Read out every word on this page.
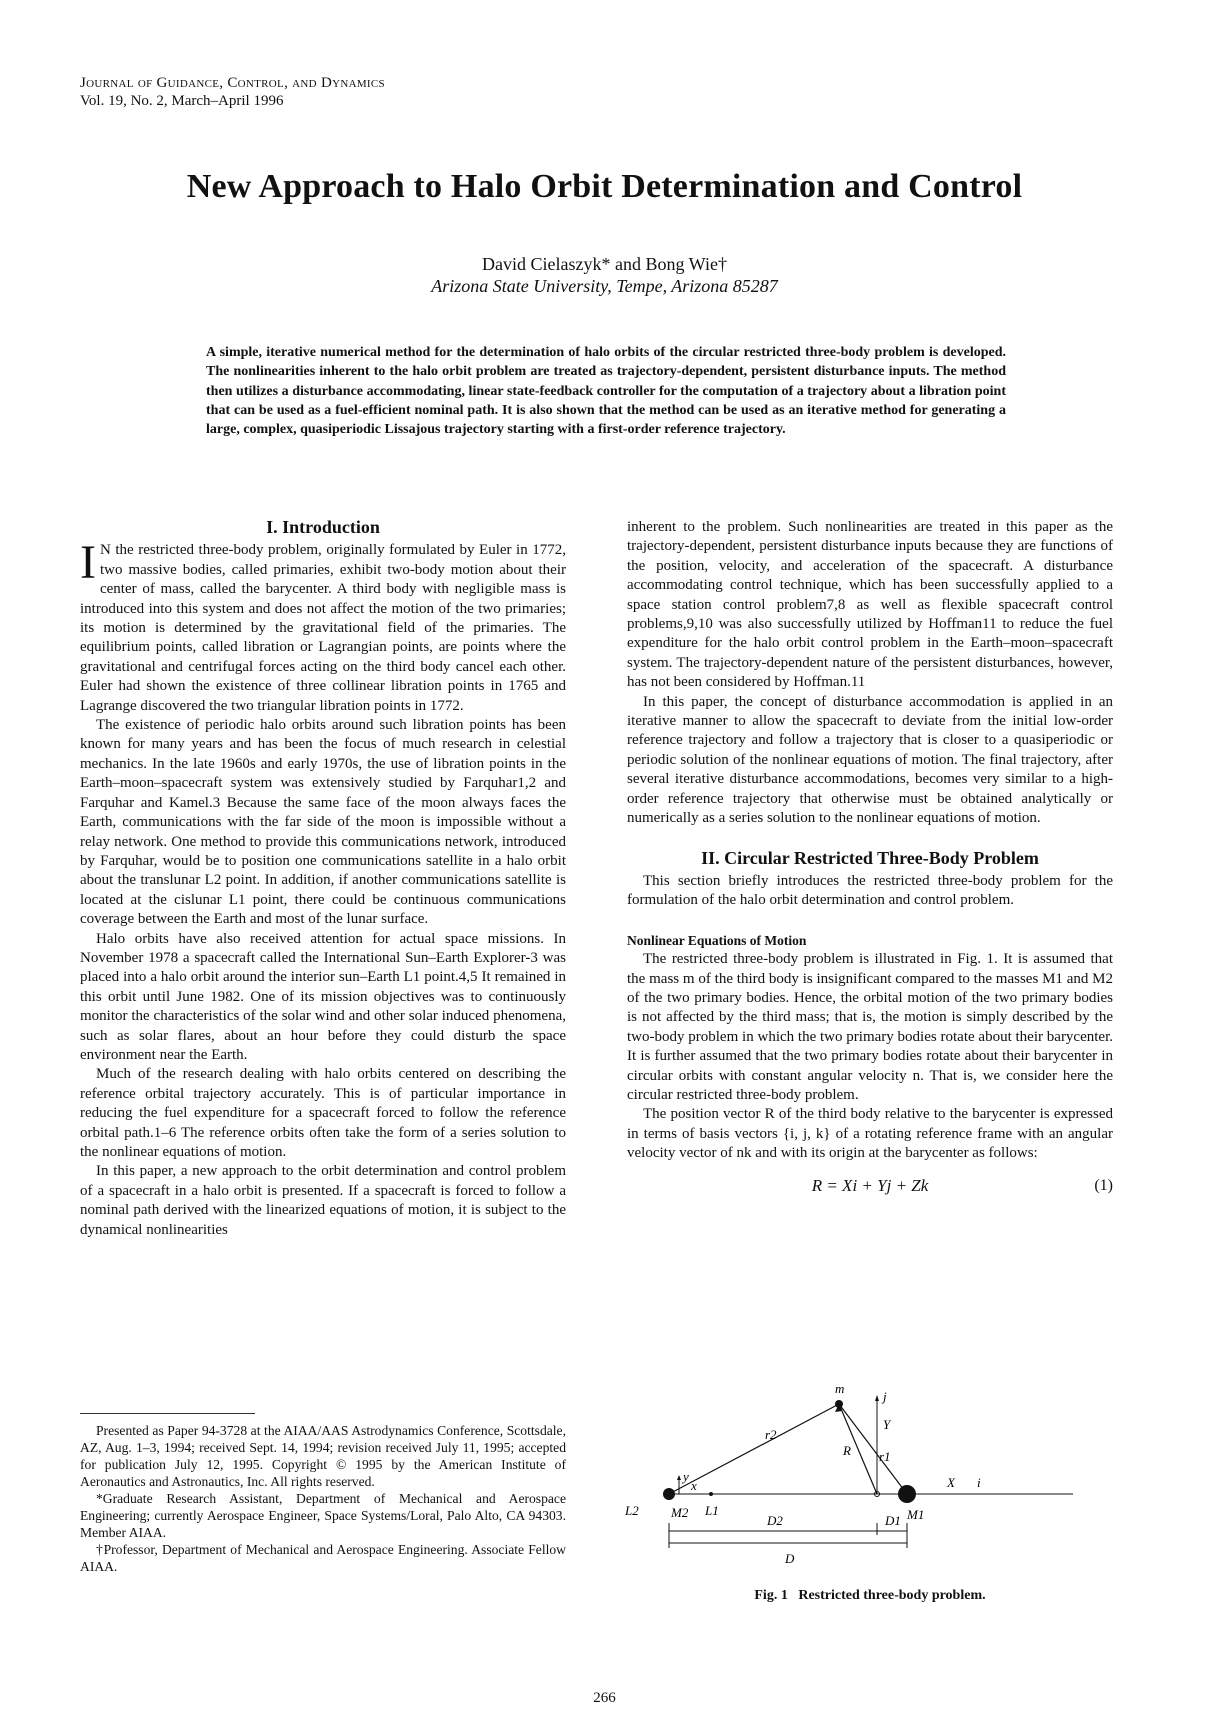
Journal of Guidance, Control, and Dynamics
Vol. 19, No. 2, March–April 1996
New Approach to Halo Orbit Determination and Control
David Cielaszyk* and Bong Wie†
Arizona State University, Tempe, Arizona 85287
A simple, iterative numerical method for the determination of halo orbits of the circular restricted three-body problem is developed. The nonlinearities inherent to the halo orbit problem are treated as trajectory-dependent, persistent disturbance inputs. The method then utilizes a disturbance accommodating, linear state-feedback controller for the computation of a trajectory about a libration point that can be used as a fuel-efficient nominal path. It is also shown that the method can be used as an iterative method for generating a large, complex, quasiperiodic Lissajous trajectory starting with a first-order reference trajectory.
I. Introduction

I N the restricted three-body problem, originally formulated by Euler in 1772, two massive bodies, called primaries, exhibit two-body motion about their center of mass, called the barycenter. A third body with negligible mass is introduced into this system and does not affect the motion of the two primaries; its motion is determined by the gravitational field of the primaries. The equilibrium points, called libration or Lagrangian points, are points where the gravitational and centrifugal forces acting on the third body cancel each other. Euler had shown the existence of three collinear libration points in 1765 and Lagrange discovered the two triangular libration points in 1772.

The existence of periodic halo orbits around such libration points has been known for many years and has been the focus of much research in celestial mechanics. In the late 1960s and early 1970s, the use of libration points in the Earth–moon–spacecraft system was extensively studied by Farquhar1,2 and Farquhar and Kamel.3 Because the same face of the moon always faces the Earth, communications with the far side of the moon is impossible without a relay network. One method to provide this communications network, introduced by Farquhar, would be to position one communications satellite in a halo orbit about the translunar L2 point. In addition, if another communications satellite is located at the cislunar L1 point, there could be continuous communications coverage between the Earth and most of the lunar surface.

Halo orbits have also received attention for actual space missions. In November 1978 a spacecraft called the International Sun–Earth Explorer-3 was placed into a halo orbit around the interior sun–Earth L1 point.4,5 It remained in this orbit until June 1982. One of its mission objectives was to continuously monitor the characteristics of the solar wind and other solar induced phenomena, such as solar flares, about an hour before they could disturb the space environment near the Earth.

Much of the research dealing with halo orbits centered on describing the reference orbital trajectory accurately. This is of particular importance in reducing the fuel expenditure for a spacecraft forced to follow the reference orbital path.1–6 The reference orbits often take the form of a series solution to the nonlinear equations of motion.

In this paper, a new approach to the orbit determination and control problem of a spacecraft in a halo orbit is presented. If a spacecraft is forced to follow a nominal path derived with the linearized equations of motion, it is subject to the dynamical nonlinearities

inherent to the problem. Such nonlinearities are treated in this paper as the trajectory-dependent, persistent disturbance inputs because they are functions of the position, velocity, and acceleration of the spacecraft. A disturbance accommodating control technique, which has been successfully applied to a space station control problem7,8 as well as flexible spacecraft control problems,9,10 was also successfully utilized by Hoffman11 to reduce the fuel expenditure for the halo orbit control problem in the Earth–moon–spacecraft system. The trajectory-dependent nature of the persistent disturbances, however, has not been considered by Hoffman.11

In this paper, the concept of disturbance accommodation is applied in an iterative manner to allow the spacecraft to deviate from the initial low-order reference trajectory and follow a trajectory that is closer to a quasiperiodic or periodic solution of the nonlinear equations of motion. The final trajectory, after several iterative disturbance accommodations, becomes very similar to a high-order reference trajectory that otherwise must be obtained analytically or numerically as a series solution to the nonlinear equations of motion.

II. Circular Restricted Three-Body Problem

This section briefly introduces the restricted three-body problem for the formulation of the halo orbit determination and control problem.

Nonlinear Equations of Motion

The restricted three-body problem is illustrated in Fig. 1. It is assumed that the mass m of the third body is insignificant compared to the masses M1 and M2 of the two primary bodies. Hence, the orbital motion of the two primary bodies is not affected by the third mass; that is, the motion is simply described by the two-body problem in which the two primary bodies rotate about their barycenter. It is further assumed that the two primary bodies rotate about their barycenter in circular orbits with constant angular velocity n. That is, we consider here the circular restricted three-body problem.

The position vector R of the third body relative to the barycenter is expressed in terms of basis vectors {i, j, k} of a rotating reference frame with an angular velocity vector of nk and with its origin at the barycenter as follows:

R = Xi + Yj + Zk	(1)
y
x
m
j
Y
r2
R r1
X i
L2 M2 L1	M1
D2	D1
D
Fig. 1 Restricted three-body problem.

Presented as Paper 94-3728 at the AIAA/AAS Astrodynamics Conference, Scottsdale, AZ, Aug. 1–3, 1994; received Sept. 14, 1994; revision received July 11, 1995; accepted for publication July 12, 1995. Copyright © 1995 by the American Institute of Aeronautics and Astronautics, Inc. All rights reserved.

*Graduate Research Assistant, Department of Mechanical and Aerospace Engineering; currently Aerospace Engineer, Space Systems/Loral, Palo Alto, CA 94303. Member AIAA.

†Professor, Department of Mechanical and Aerospace Engineering. Associate Fellow AIAA.

266
